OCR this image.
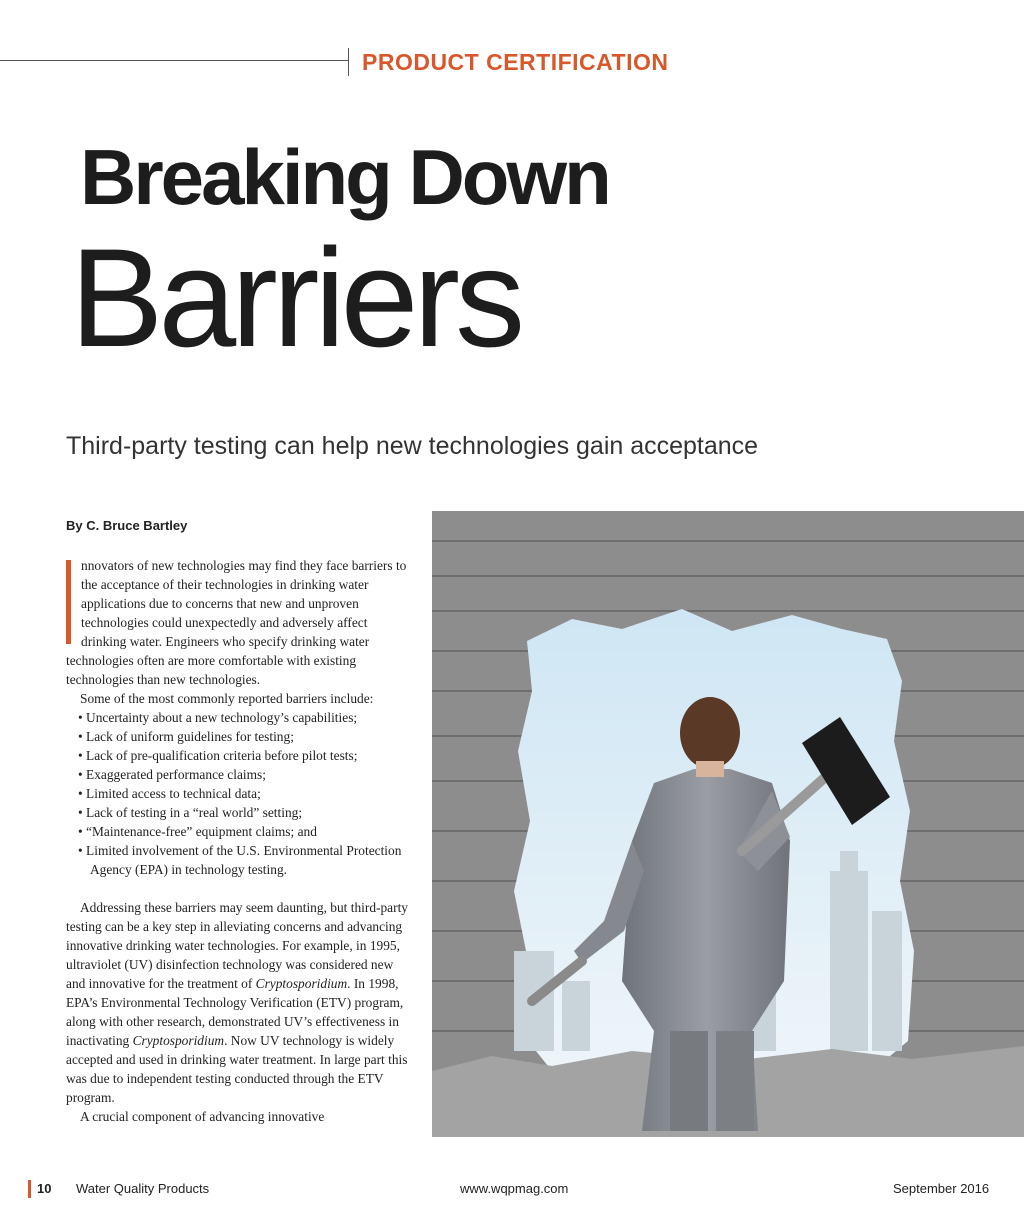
PRODUCT CERTIFICATION
Breaking Down
Barriers
Third-party testing can help new technologies gain acceptance
By C. Bruce Bartley

nnovators of new technologies may find they face barriers to the acceptance of their technologies in drinking water applications due to concerns that new and unproven technologies could unexpectedly and adversely affect drinking water. Engineers who specify drinking water technologies often are more comfortable with existing technologies than new technologies.

Some of the most commonly reported barriers include:

• Uncertainty about a new technology’s capabilities;
• Lack of uniform guidelines for testing;
• Lack of pre-qualification criteria before pilot tests;
• Exaggerated performance claims;
• Limited access to technical data;
• Lack of testing in a “real world” setting;
• “Maintenance-free” equipment claims; and
• Limited involvement of the U.S. Environmental Protection Agency (EPA) in technology testing.

Addressing these barriers may seem daunting, but third-party testing can be a key step in alleviating concerns and advancing innovative drinking water technologies. For example, in 1995, ultraviolet (UV) disinfection technology was considered new and innovative for the treatment of Cryptosporidium. In 1998, EPA’s Environmental Technology Verification (ETV) program, along with other research, demonstrated UV’s effectiveness in inactivating Cryptosporidium. Now UV technology is widely accepted and used in drinking water treatment. In large part this was due to independent testing conducted through the ETV program.

A crucial component of advancing innovative

10 Water Quality Products	www.wqpmag.com	September 2016
